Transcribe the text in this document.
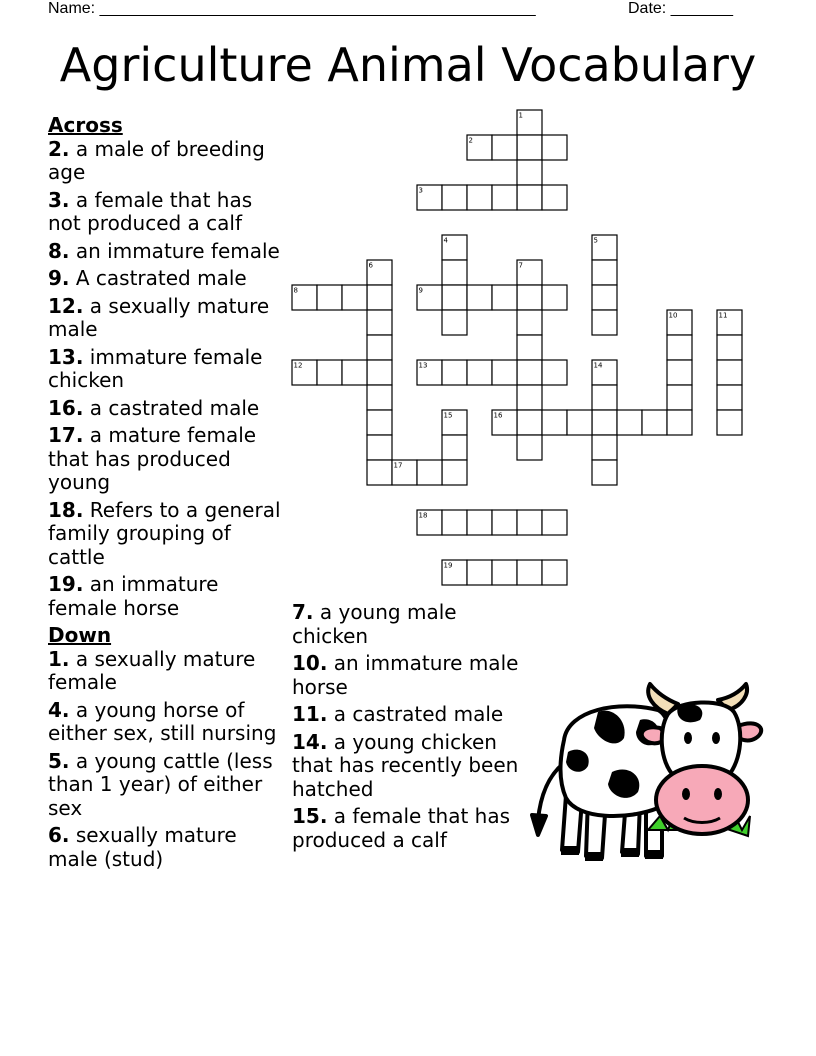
Name: _________________________________________________	Date: _______
Agriculture Animal Vocabulary
1
2
3
4	5
6	7
8	9
10	11
12	13	14
15	16
17
18
19
Across
2. a male of breeding age
3. a female that has not produced a calf
8. an immature female
9. A castrated male
12. a sexually mature male
13. immature female chicken
16. a castrated male
17. a mature female that has produced young
18. Refers to a general family grouping of cattle
19. an immature female horse
Down
1. a sexually mature female
4. a young horse of either sex, still nursing
5. a young cattle (less than 1 year) of either sex
6. sexually mature male (stud)
7. a young male chicken
10. an immature male horse
11. a castrated male
14. a young chicken that has recently been hatched
15. a female that has produced a calf
